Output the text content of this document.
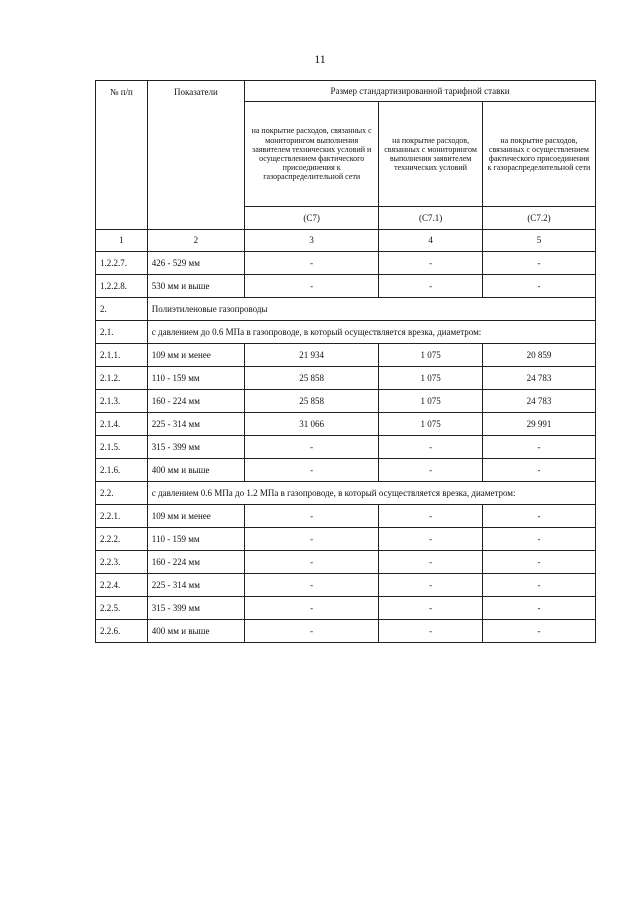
11
№ п/п	Показатели	Размер стандартизированной тарифной ставки		
		на покрытие расходов, связанных с мониторингом выполнения заявителем технических условий и осуществлением фактического присоединения к газораспределительной сети	на покрытие расходов, связанных с мониторингом выполнения заявителем технических условий	на покрытие расходов, связанных с осуществлением фактического присоединения к газораспределительной сети
		(С7)	(С7.1)	(С7.2)
1	2	3	4	5
1.2.2.7.	426 - 529 мм	-	-	-
1.2.2.8.	530 мм и выше	-	-	-
2.	Полиэтиленовые газопроводы			
2.1.	с давлением до 0.6 МПа в газопроводе, в который осуществляется врезка, диаметром:			
2.1.1.	109 мм и менее	21 934	1 075	20 859
2.1.2.	110 - 159 мм	25 858	1 075	24 783
2.1.3.	160 - 224 мм	25 858	1 075	24 783
2.1.4.	225 - 314 мм	31 066	1 075	29 991
2.1.5.	315 - 399 мм	-	-	-
2.1.6.	400 мм и выше	-	-	-
2.2.	с давлением 0.6 МПа до 1.2 МПа в газопроводе, в который осуществляется врезка, диаметром:			
2.2.1.	109 мм и менее	-	-	-
2.2.2.	110 - 159 мм	-	-	-
2.2.3.	160 - 224 мм	-	-	-
2.2.4.	225 - 314 мм	-	-	-
2.2.5.	315 - 399 мм	-	-	-
2.2.6.	400 мм и выше	-	-	-
